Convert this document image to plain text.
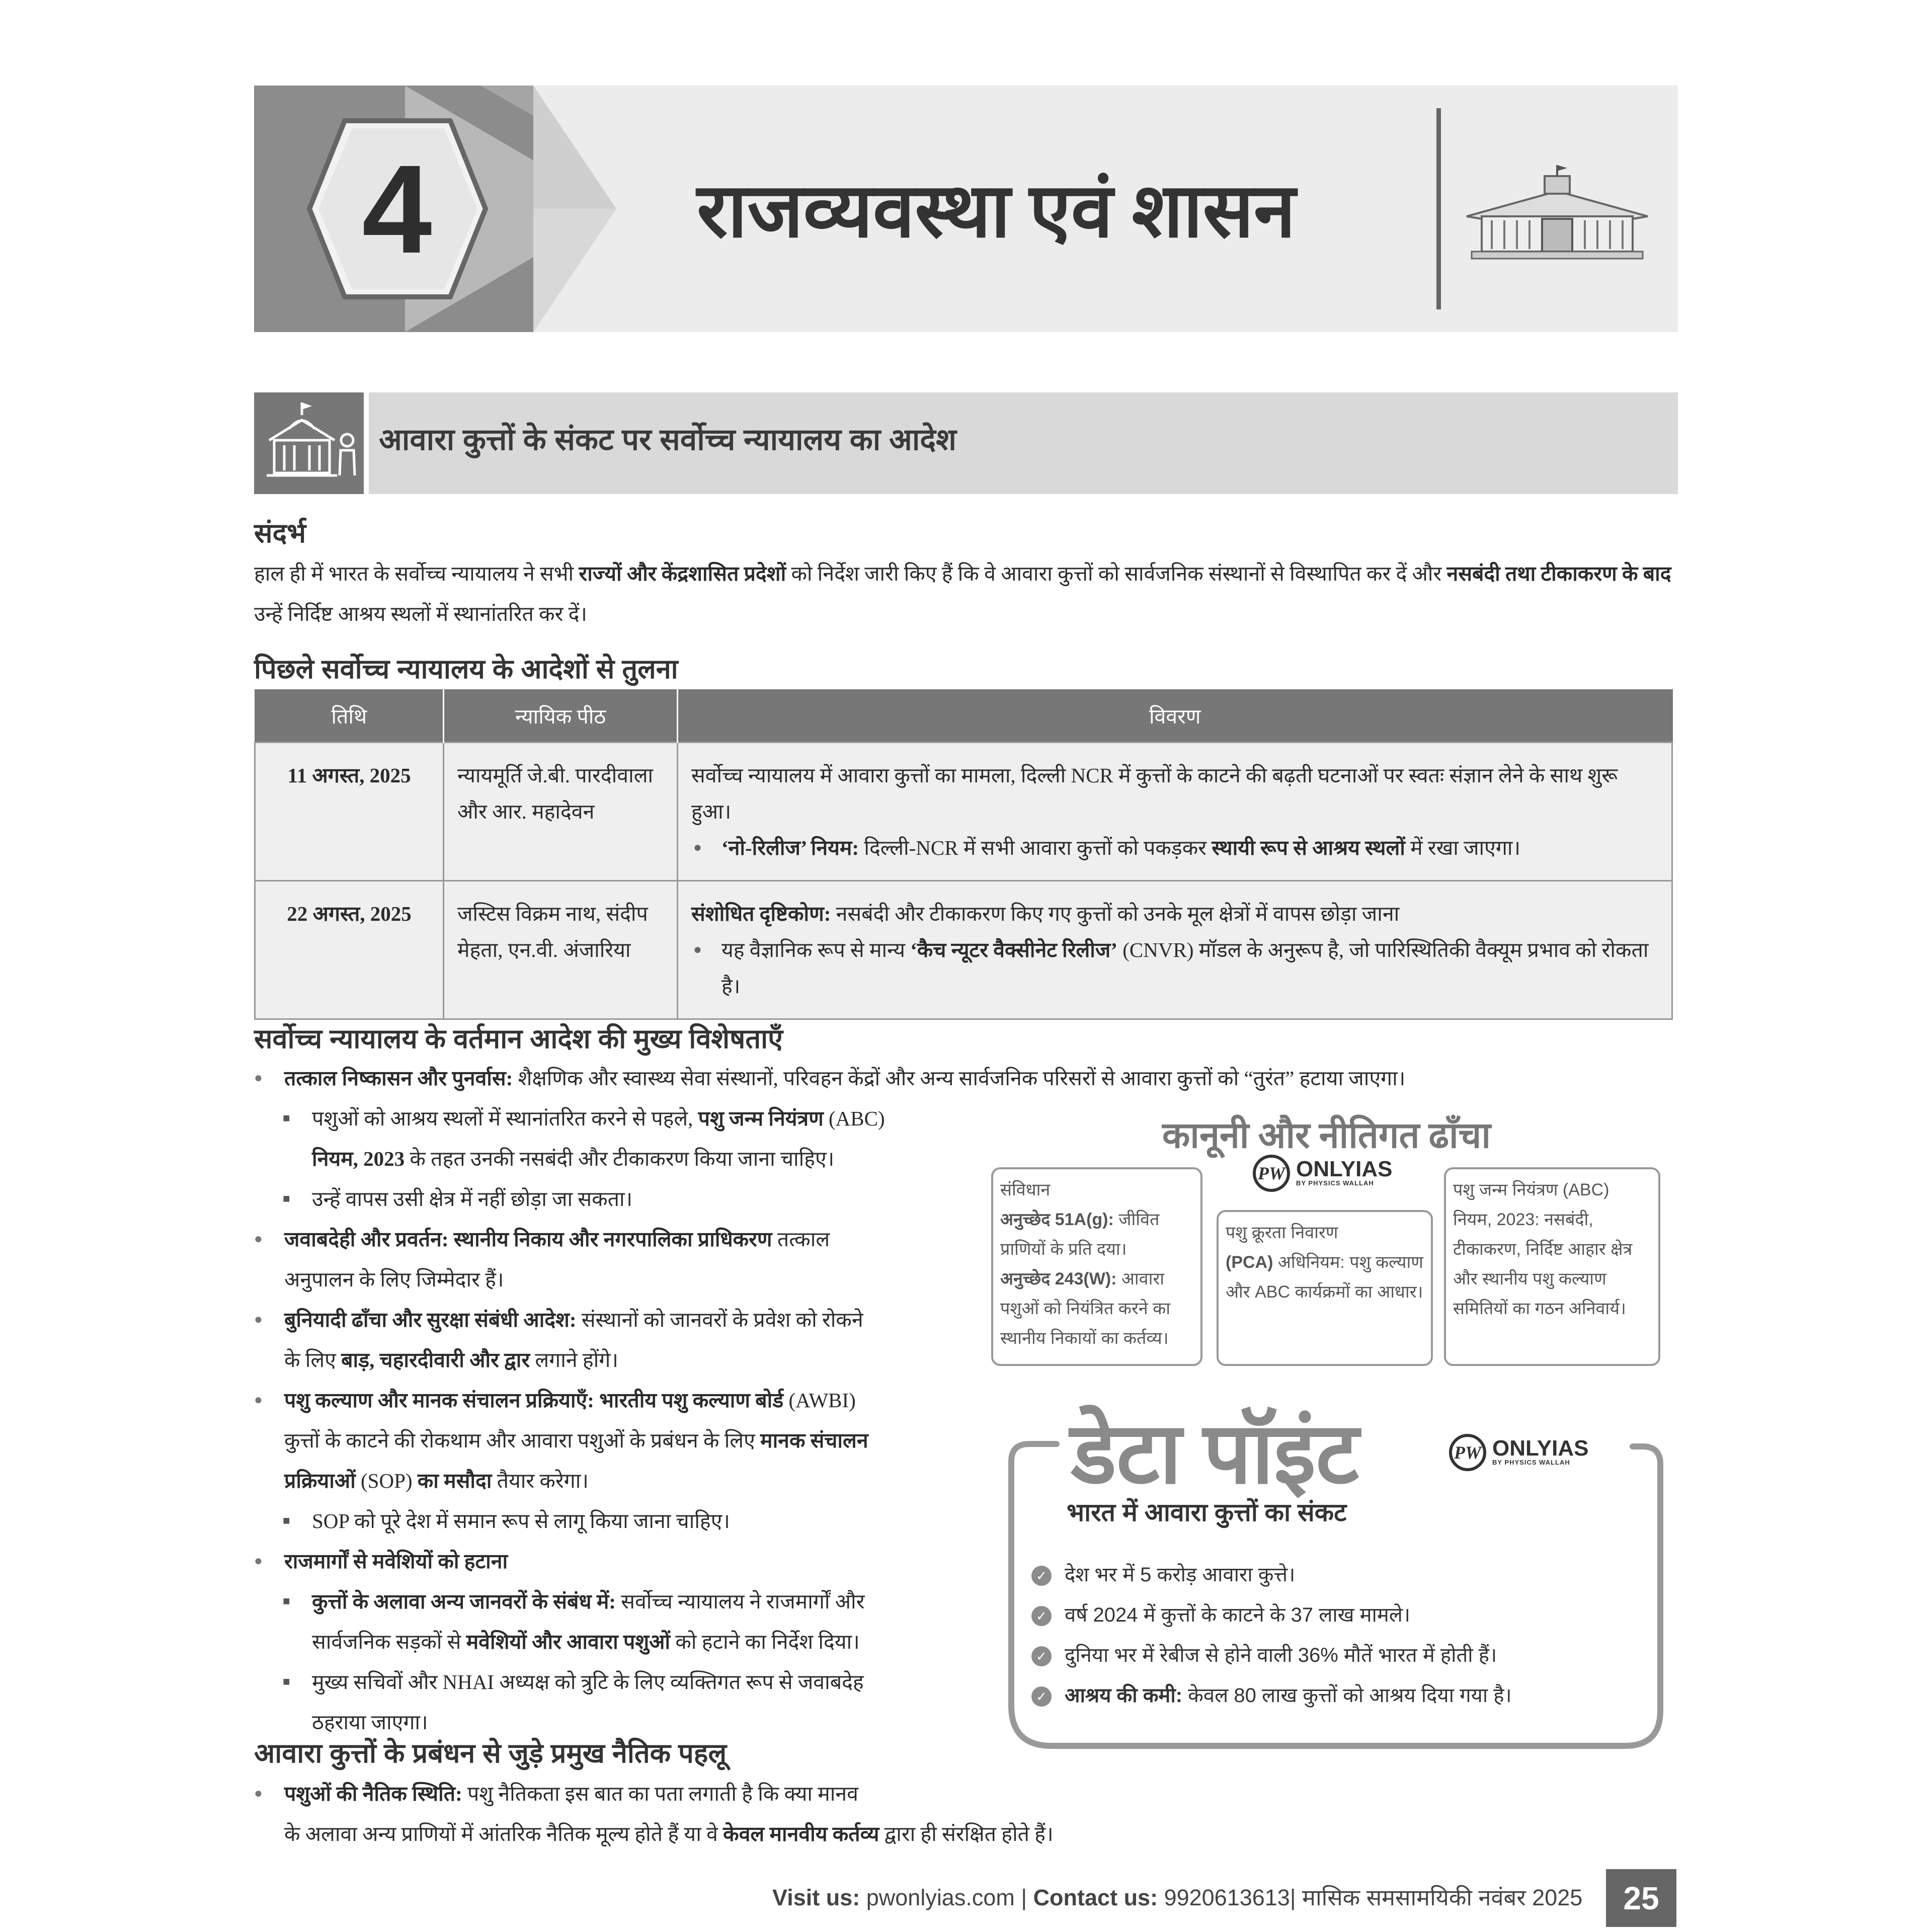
4	राजव्यवस्था एवं शासन
आवारा कुत्तों के संकट पर सर्वोच्च न्यायालय का आदेश
संदर्भ
हाल ही में भारत के सर्वोच्च न्यायालय ने सभी राज्यों और केंद्रशासित प्रदेशों को निर्देश जारी किए हैं कि वे आवारा कुत्तों को सार्वजनिक संस्थानों से विस्थापित कर दें और नसबंदी तथा टीकाकरण के बाद उन्हें निर्दिष्ट आश्रय स्थलों में स्थानांतरित कर दें।
पिछले सर्वोच्च न्यायालय के आदेशों से तुलना
तिथि	न्यायिक पीठ	विवरण
11 अगस्त, 2025	न्यायमूर्ति जे.बी. पारदीवाला और आर. महादेवन	सर्वोच्च न्यायालय में आवारा कुत्तों का मामला, दिल्ली NCR में कुत्तों के काटने की बढ़ती घटनाओं पर स्वतः संज्ञान लेने के साथ शुरू हुआ।
● ‘नो-रिलीज’ नियम: दिल्ली-NCR में सभी आवारा कुत्तों को पकड़कर स्थायी रूप से आश्रय स्थलों में रखा जाएगा।

22 अगस्त, 2025	जस्टिस विक्रम नाथ, संदीप मेहता, एन.वी. अंजारिया	संशोधित दृष्टिकोण: नसबंदी और टीकाकरण किए गए कुत्तों को उनके मूल क्षेत्रों में वापस छोड़ा जाना
● यह वैज्ञानिक रूप से मान्य ‘कैच न्यूटर वैक्सीनेट रिलीज’ (CNVR) मॉडल के अनुरूप है, जो पारिस्थितिकी वैक्यूम प्रभाव को रोकता है।
सर्वोच्च न्यायालय के वर्तमान आदेश की मुख्य विशेषताएँ
● तत्काल निष्कासन और पुनर्वास: शैक्षणिक और स्वास्थ्य सेवा संस्थानों, परिवहन केंद्रों और अन्य सार्वजनिक परिसरों से आवारा कुत्तों को “तुरंत” हटाया जाएगा।
■ पशुओं को आश्रय स्थलों में स्थानांतरित करने से पहले, पशु जन्म नियंत्रण (ABC)
नियम, 2023 के तहत उनकी नसबंदी और टीकाकरण किया जाना चाहिए।
■ उन्हें वापस उसी क्षेत्र में नहीं छोड़ा जा सकता।
● जवाबदेही और प्रवर्तन: स्थानीय निकाय और नगरपालिका प्राधिकरण तत्काल
अनुपालन के लिए जिम्मेदार हैं।
● बुनियादी ढाँचा और सुरक्षा संबंधी आदेश: संस्थानों को जानवरों के प्रवेश को रोकने
के लिए बाड़, चहारदीवारी और द्वार लगाने होंगे।
● पशु कल्याण और मानक संचालन प्रक्रियाएँ: भारतीय पशु कल्याण बोर्ड (AWBI)
कुत्तों के काटने की रोकथाम और आवारा पशुओं के प्रबंधन के लिए मानक संचालन
प्रक्रियाओं (SOP) का मसौदा तैयार करेगा।
■ SOP को पूरे देश में समान रूप से लागू किया जाना चाहिए।
● राजमार्गों से मवेशियों को हटाना
■ कुत्तों के अलावा अन्य जानवरों के संबंध में: सर्वोच्च न्यायालय ने राजमार्गों और
सार्वजनिक सड़कों से मवेशियों और आवारा पशुओं को हटाने का निर्देश दिया।
■ मुख्य सचिवों और NHAI अध्यक्ष को त्रुटि के लिए व्यक्तिगत रूप से जवाबदेह
ठहराया जाएगा।
आवारा कुत्तों के प्रबंधन से जुड़े प्रमुख नैतिक पहलू
● पशुओं की नैतिक स्थिति: पशु नैतिकता इस बात का पता लगाती है कि क्या मानव
के अलावा अन्य प्राणियों में आंतरिक नैतिक मूल्य होते हैं या वे केवल मानवीय कर्तव्य द्वारा ही संरक्षित होते हैं।
कानूनी और नीतिगत ढाँचा
PW ONLYIAS
BY PHYSICS WALLAH
संविधान
अनुच्छेद 51A(g): जीवित प्राणियों के प्रति दया।
अनुच्छेद 243(W): आवारा पशुओं को नियंत्रित करने का स्थानीय निकायों का कर्तव्य।
पशु क्रूरता निवारण
(PCA) अधिनियम: पशु कल्याण और ABC कार्यक्रमों का आधार।
पशु जन्म नियंत्रण (ABC) नियम, 2023: नसबंदी, टीकाकरण, निर्दिष्ट आहार क्षेत्र और स्थानीय पशु कल्याण समितियों का गठन अनिवार्य।
डेटा पॉइंट	PW ONLYIAS
BY PHYSICS WALLAH
भारत में आवारा कुत्तों का संकट
✓ देश भर में 5 करोड़ आवारा कुत्ते।
✓ वर्ष 2024 में कुत्तों के काटने के 37 लाख मामले।
✓ दुनिया भर में रेबीज से होने वाली 36% मौतें भारत में होती हैं।
✓ आश्रय की कमी: केवल 80 लाख कुत्तों को आश्रय दिया गया है।
Visit us: pwonlyias.com | Contact us: 9920613613| मासिक समसामयिकी नवंबर 2025	25
